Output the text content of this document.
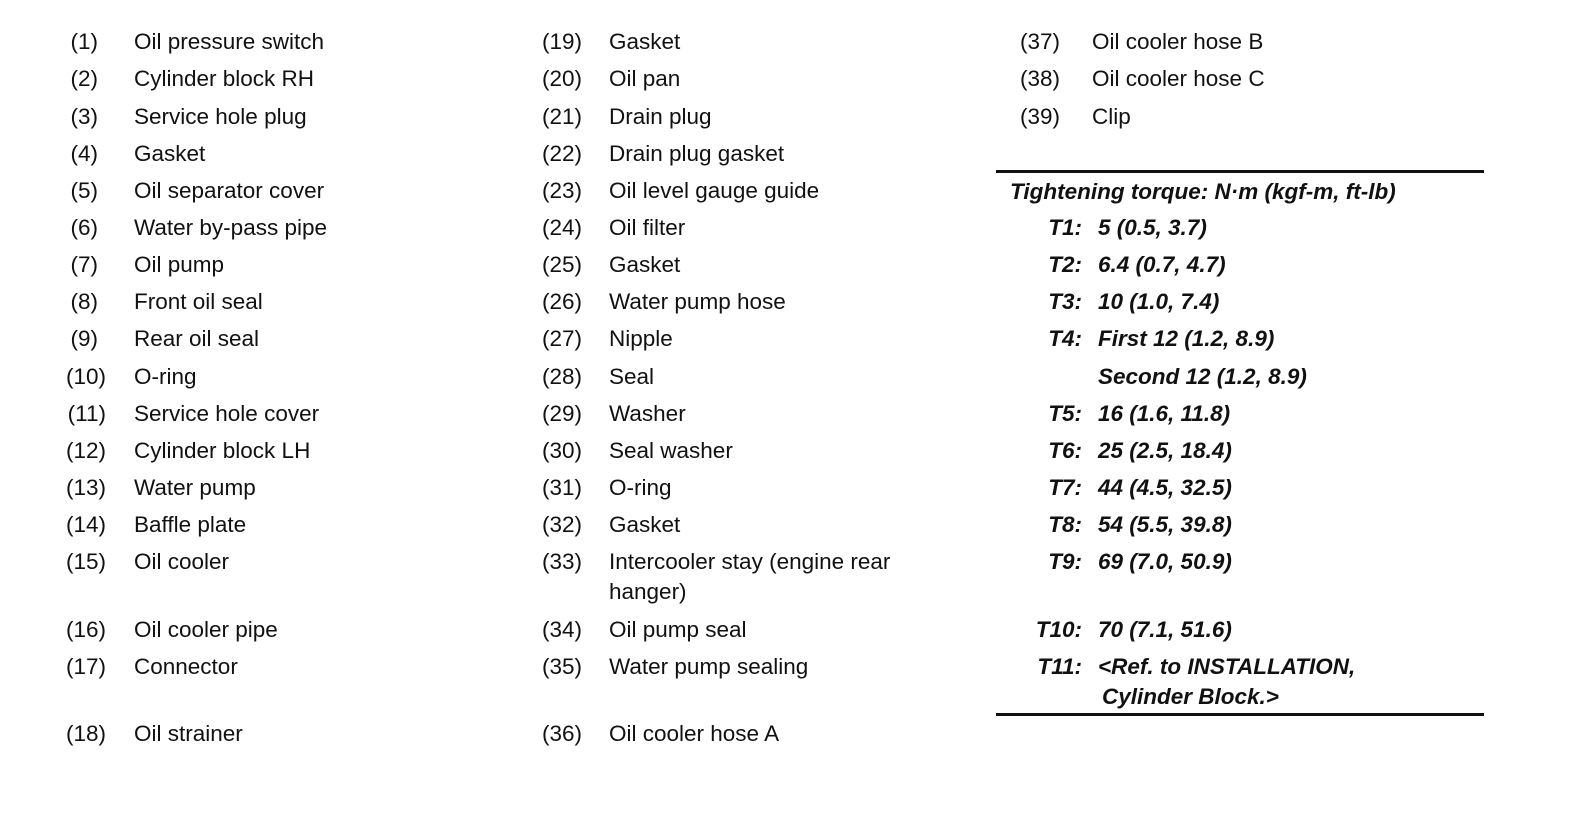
(1) Oil pressure switch
(2) Cylinder block RH
(3) Service hole plug
(4) Gasket
(5) Oil separator cover
(6) Water by-pass pipe
(7) Oil pump
(8) Front oil seal
(9) Rear oil seal
(10) O-ring
(11) Service hole cover
(12) Cylinder block LH
(13) Water pump
(14) Baffle plate
(15) Oil cooler
(16) Oil cooler pipe
(17) Connector
(18) Oil strainer
(19) Gasket
(20) Oil pan
(21) Drain plug
(22) Drain plug gasket
(23) Oil level gauge guide
(24) Oil filter
(25) Gasket
(26) Water pump hose
(27) Nipple
(28) Seal
(29) Washer
(30) Seal washer
(31) O-ring
(32) Gasket
(33) Intercooler stay (engine rear hanger)
(34) Oil pump seal
(35) Water pump sealing
(36) Oil cooler hose A
(37) Oil cooler hose B
(38) Oil cooler hose C
(39) Clip
Tightening torque: N·m (kgf-m, ft-lb)
T1: 5 (0.5, 3.7)
T2: 6.4 (0.7, 4.7)
T3: 10 (1.0, 7.4)
T4: First 12 (1.2, 8.9)
Second 12 (1.2, 8.9)
T5: 16 (1.6, 11.8)
T6: 25 (2.5, 18.4)
T7: 44 (4.5, 32.5)
T8: 54 (5.5, 39.8)
T9: 69 (7.0, 50.9)
T10: 70 (7.1, 51.6)
T11: <Ref. to INSTALLATION,
Cylinder Block.>
